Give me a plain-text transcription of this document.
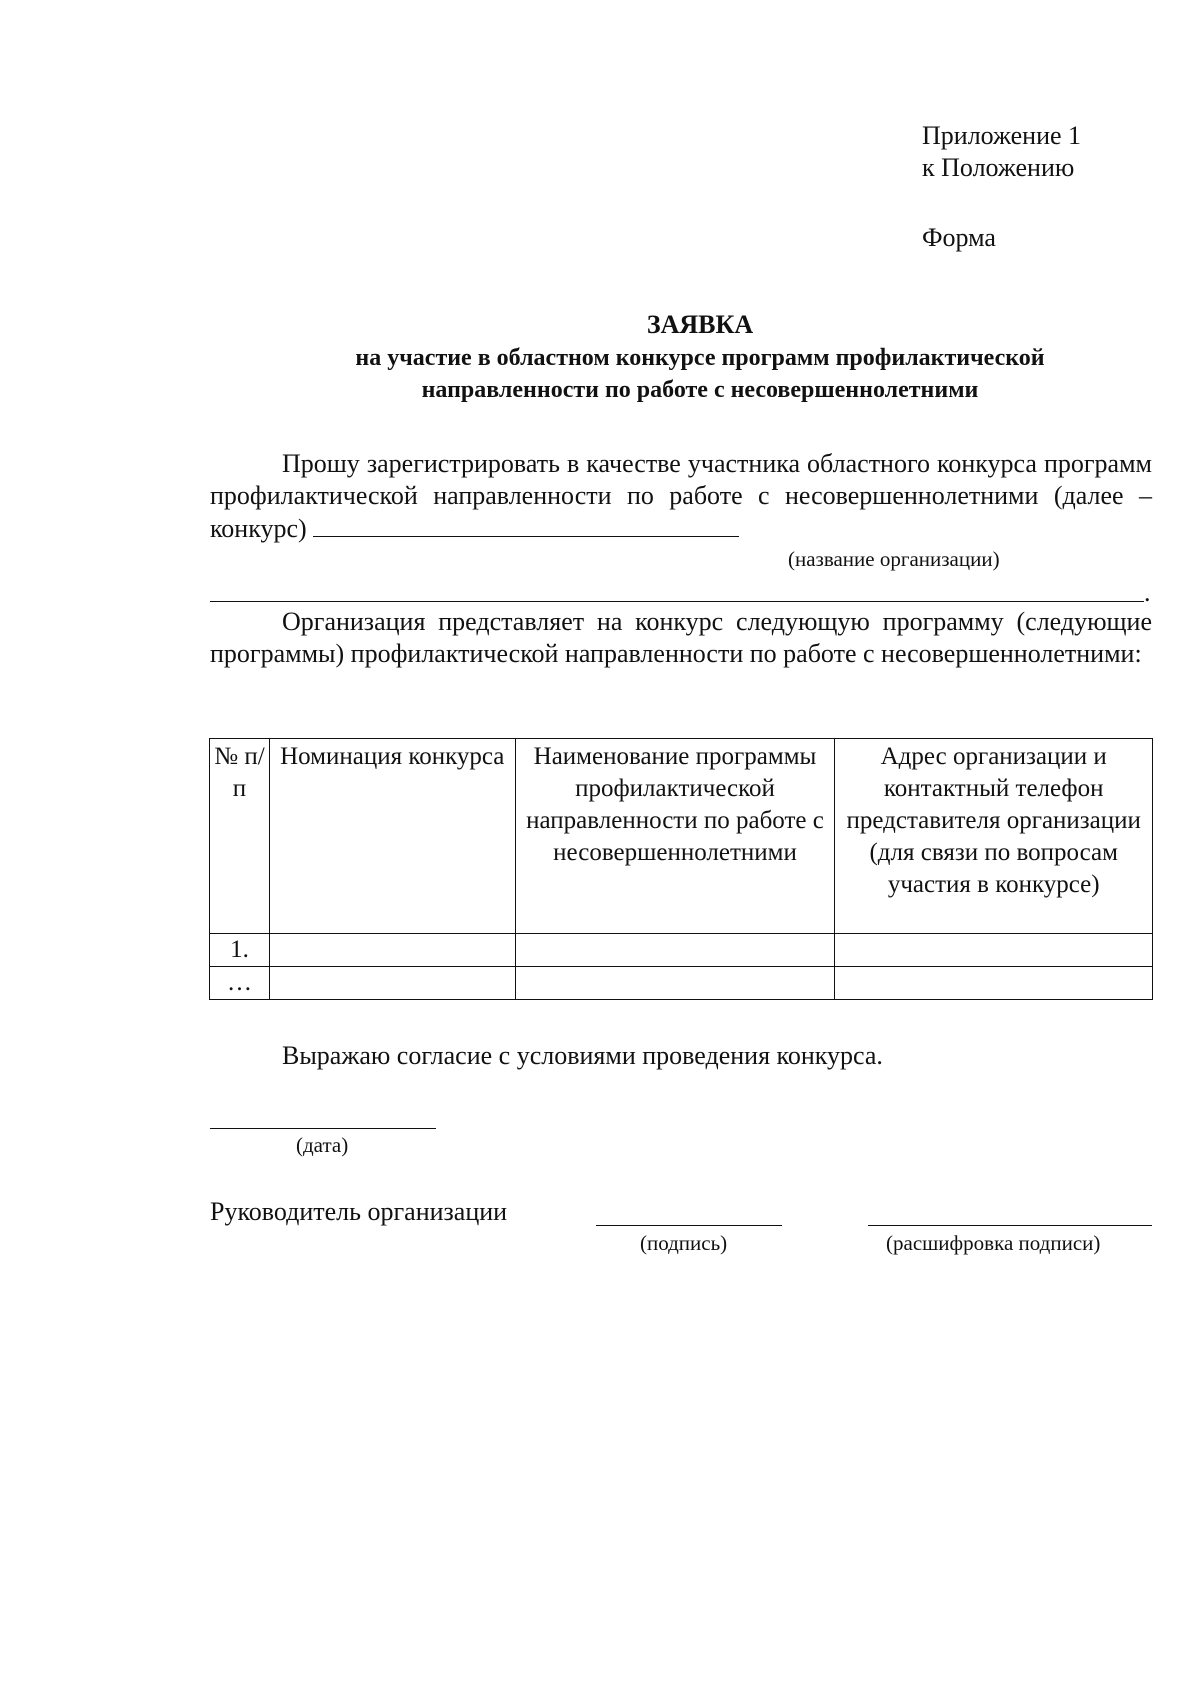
Приложение 1
к Положению
Форма
ЗАЯВКА
на участие в областном конкурсе программ профилактической
направленности по работе с несовершеннолетними

Прошу зарегистрировать в качестве участника областного конкурса программ профилактической направленности по работе с несовершеннолетними (далее – конкурс)

(название организации)
.

Организация представляет на конкурс следующую программу (следующие программы) профилактической направленности по работе с несовершеннолетними:

№ п/п	Номинация конкурса	Наименование программы профилактической направленности по работе с несовершеннолетними	Адрес организации и контактный телефон представителя организации (для связи по вопросам участия в конкурсе)
1.			
…			
Выражаю согласие с условиями проведения конкурса.
(дата)
Руководитель организации
(подпись)	(расшифровка подписи)
